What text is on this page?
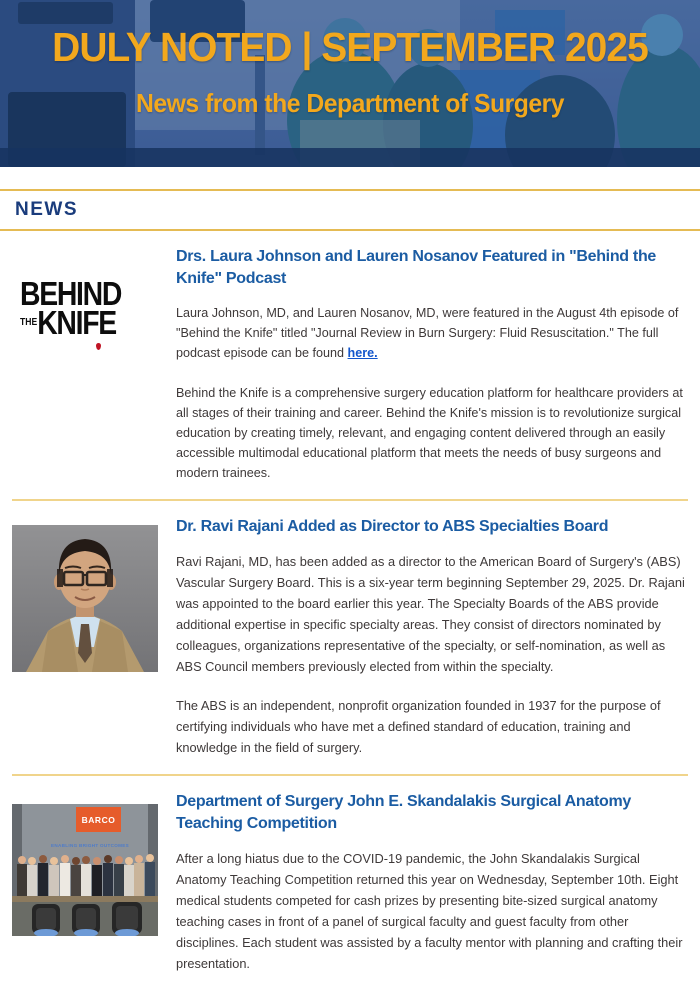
DULY NOTED | SEPTEMBER 2025
News from the Department of Surgery
NEWS
BEHIND
THE KNIFE
Drs. Laura Johnson and Lauren Nosanov Featured in "Behind the Knife" Podcast

Laura Johnson, MD, and Lauren Nosanov, MD, were featured in the August 4th episode of "Behind the Knife" titled "Journal Review in Burn Surgery: Fluid Resuscitation." The full podcast episode can be found here.

Behind the Knife is a comprehensive surgery education platform for healthcare providers at all stages of their training and career. Behind the Knife's mission is to revolutionize surgical education by creating timely, relevant, and engaging content delivered through an easily accessible multimodal educational platform that meets the needs of busy surgeons and modern trainees.

Dr. Ravi Rajani Added as Director to ABS Specialties Board

Ravi Rajani, MD, has been added as a director to the American Board of Surgery's (ABS) Vascular Surgery Board. This is a six-year term beginning September 29, 2025. Dr. Rajani was appointed to the board earlier this year. The Specialty Boards of the ABS provide additional expertise in specific specialty areas. They consist of directors nominated by colleagues, organizations representative of the specialty, or self-nomination, as well as ABS Council members previously elected from within the specialty.

The ABS is an independent, nonprofit organization founded in 1937 for the purpose of certifying individuals who have met a defined standard of education, training and knowledge in the field of surgery.

BARCO
ENABLING BRIGHT OUTCOMES
Department of Surgery John E. Skandalakis Surgical Anatomy Teaching Competition

After a long hiatus due to the COVID-19 pandemic, the John Skandalakis Surgical Anatomy Teaching Competition returned this year on Wednesday, September 10th. Eight medical students competed for cash prizes by presenting bite-sized surgical anatomy teaching cases in front of a panel of surgical faculty and guest faculty from other disciplines. Each student was assisted by a faculty mentor with planning and crafting their presentation.
